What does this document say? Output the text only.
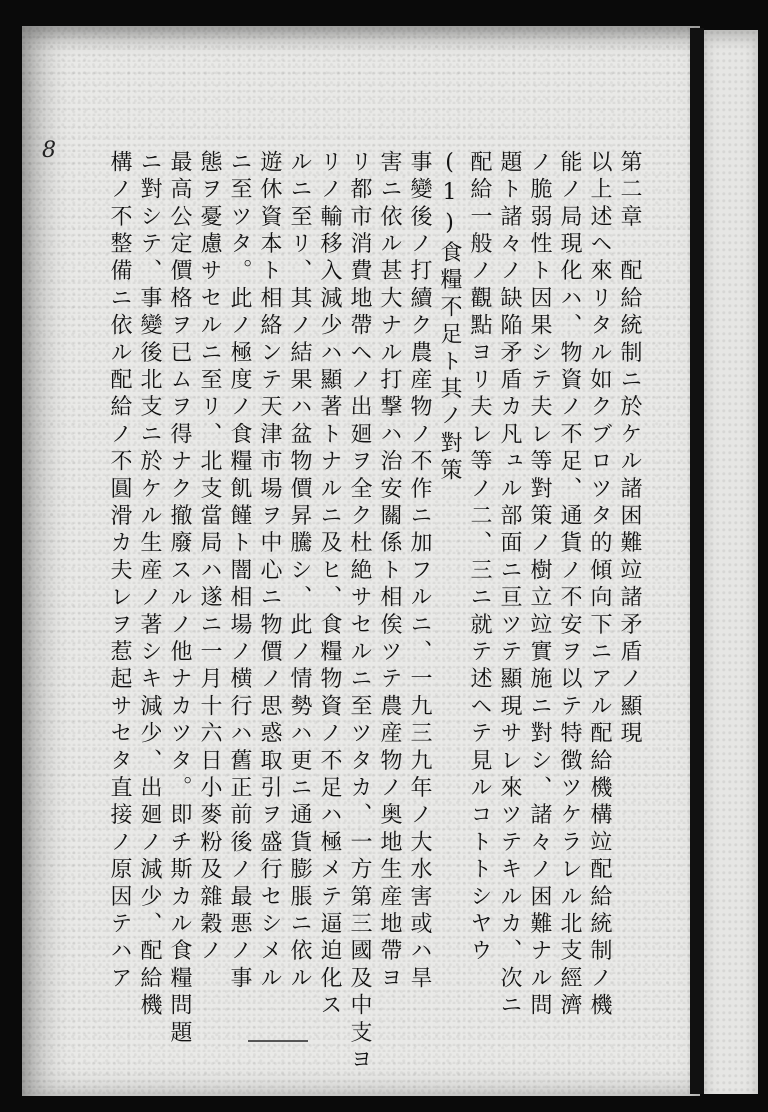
8	第二章　配給統制ニ於ケル諸困難竝諸矛盾ノ顯現

以上述ヘ來リタル如クブロツタ的傾向下ニアル配給機構竝配給統制ノ機

能ノ局現化ハ、物資ノ不足、通貨ノ不安ヲ以テ特徴ツケラレル北支經濟

ノ脆弱性ト因果シテ夫レ等對策ノ樹立竝實施ニ對シ、諸々ノ困難ナル問

題ト諸々ノ缺陥矛盾カ凡ュル部面ニ亘ツテ顯現サレ來ツテキルカ、次ニ

配給一般ノ觀點ヨリ夫レ等ノ二、三ニ就テ述ヘテ見ルコトトシヤウ

(1)食糧不足ト其ノ對策

事變後ノ打續ク農産物ノ不作ニ加フルニ、一九三九年ノ大水害或ハ旱

害ニ依ル甚大ナル打撃ハ治安關係ト相俟ツテ農産物ノ奥地生産地帶ヨ

リ都市消費地帶ヘノ出廻ヲ全ク杜絶サセルニ至ツタカ、一方第三國及中支ヨ

リノ輸移入減少ハ顯著トナルニ及ヒ、食糧物資ノ不足ハ極メテ逼迫化ス

ルニ至リ、其ノ結果ハ盆物價昇騰シ、此ノ情勢ハ更ニ通貨膨脹ニ依ル

遊休資本ト相絡ンテ天津市場ヲ中心ニ物價ノ思惑取引ヲ盛行セシメル

ニ至ツタ。此ノ極度ノ食糧飢饉ト闇相場ノ横行ハ舊正前後ノ最悪ノ事

態ヲ憂慮サセルニ至リ、北支當局ハ遂ニ一月十六日小麥粉及雜穀ノ

最高公定價格ヲ已ムヲ得ナク撤廢スルノ他ナカツタ。即チ斯カル食糧問題

ニ對シテ、事變後北支ニ於ケル生産ノ著シキ減少、出廻ノ減少、配給機

構ノ不整備ニ依ル配給ノ不圓滑カ夫レヲ惹起サセタ直接ノ原因テハア
